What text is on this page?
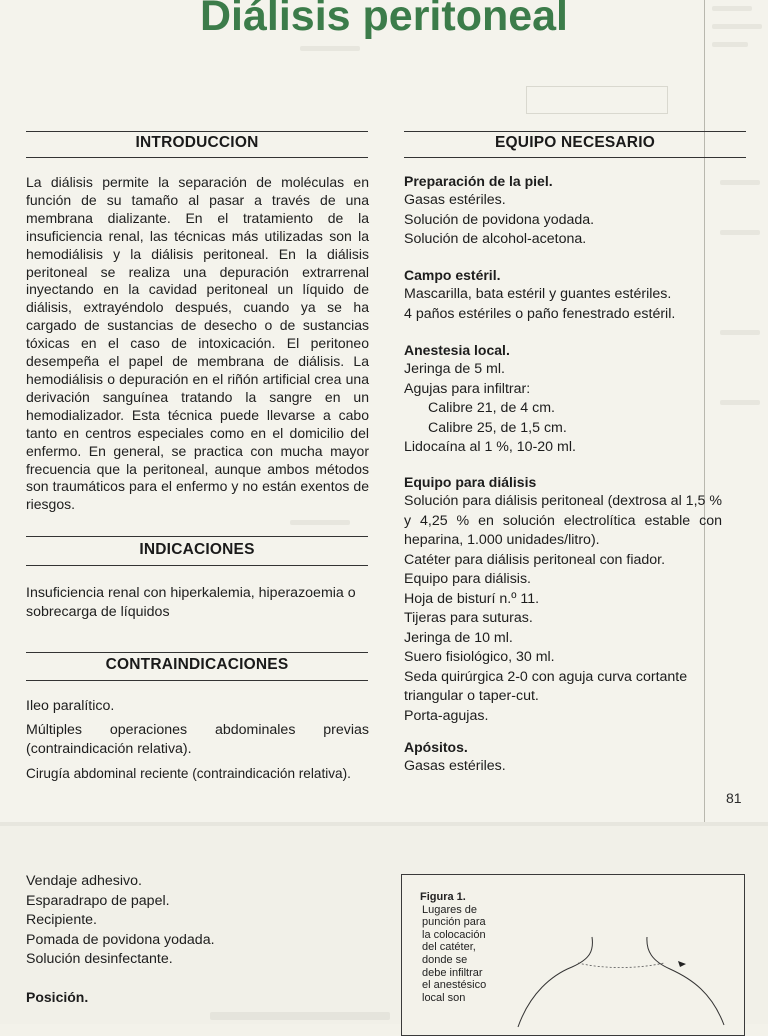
Diálisis peritoneal
INTRODUCCION
La diálisis permite la separación de moléculas en función de su tamaño al pasar a través de una membrana dializante. En el tratamiento de la insuficiencia renal, las técnicas más utilizadas son la hemodiálisis y la diálisis peritoneal. En la diálisis peritoneal se realiza una depuración extrarrenal inyectando en la cavidad peritoneal un líquido de diálisis, extrayéndolo después, cuando ya se ha cargado de sustancias de desecho o de sustancias tóxicas en el caso de intoxicación. El peritoneo desempeña el papel de membrana de diálisis. La hemodiálisis o depuración en el riñón artificial crea una derivación sanguínea tratando la sangre en un hemodializador. Esta técnica puede llevarse a cabo tanto en centros especiales como en el domicilio del enfermo. En general, se practica con mucha mayor frecuencia que la peritoneal, aunque ambos métodos son traumáticos para el enfermo y no están exentos de riesgos.
INDICACIONES
Insuficiencia renal con hiperkalemia, hiperazoemia o sobrecarga de líquidos
CONTRAINDICACIONES

Ileo paralítico.

Múltiples operaciones abdominales previas (contraindicación relativa).

Cirugía abdominal reciente (contraindicación relativa).

EQUIPO NECESARIO

Preparación de la piel.

Gasas estériles.

Solución de povidona yodada.

Solución de alcohol-acetona.

Campo estéril.

Mascarilla, bata estéril y guantes estériles.

4 paños estériles o paño fenestrado estéril.

Anestesia local.

Jeringa de 5 ml.

Agujas para infiltrar:

Calibre 21, de 4 cm.

Calibre 25, de 1,5 cm.

Lidocaína al 1 %, 10-20 ml.

Equipo para diálisis

Solución para diálisis peritoneal (dextrosa al 1,5 % y 4,25 % en solución electrolítica estable con heparina, 1.000 unidades/litro).

Catéter para diálisis peritoneal con fiador.

Equipo para diálisis.

Hoja de bisturí n.º 11.

Tijeras para suturas.

Jeringa de 10 ml.

Suero fisiológico, 30 ml.

Seda quirúrgica 2-0 con aguja curva cortante triangular o taper-cut.

Porta-agujas.

Apósitos.

Gasas estériles.

81

Vendaje adhesivo.

Esparadrapo de papel.

Recipiente.

Pomada de povidona yodada.

Solución desinfectante.

Posición.

Figura 1.
Lugares de punción para la colocación del catéter, donde se debe infiltrar el anestésico local son
